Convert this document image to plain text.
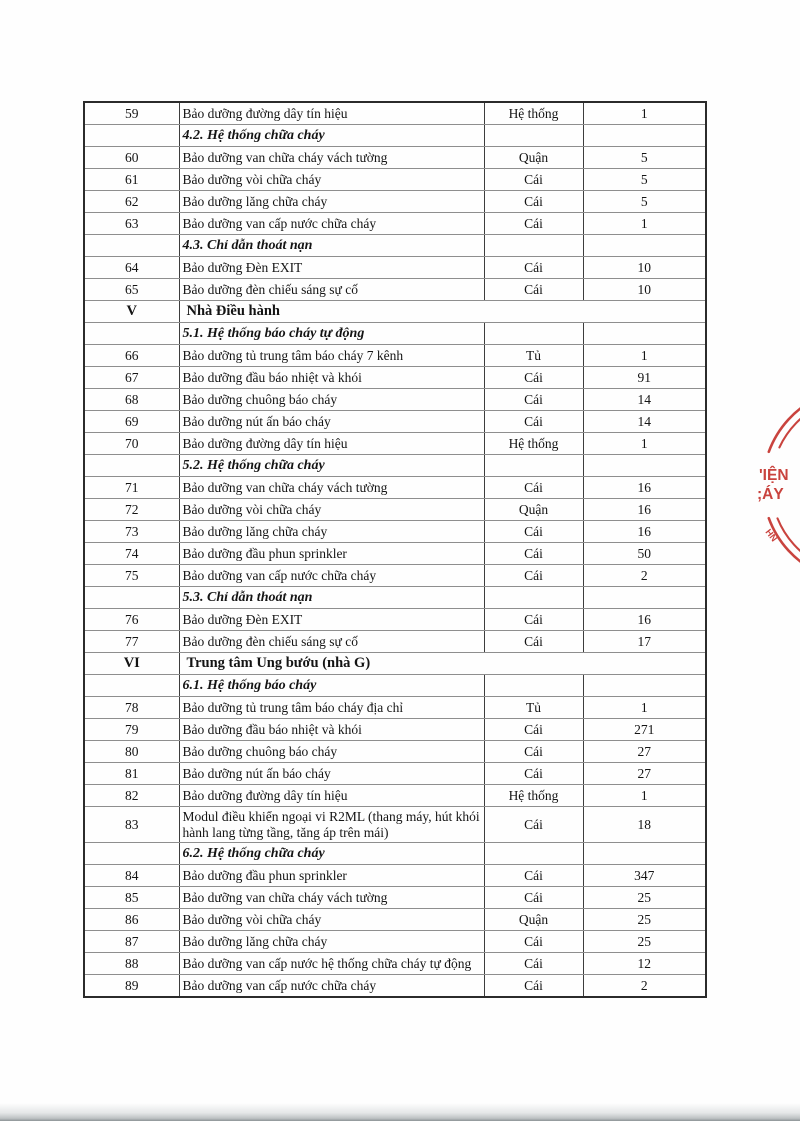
59	Bảo dưỡng đường dây tín hiệu	Hệ thống	1
	4.2. Hệ thống chữa cháy		
60	Bảo dưỡng van chữa cháy vách tường	Quận	5
61	Bảo dưỡng vòi chữa cháy	Cái	5
62	Bảo dưỡng lăng chữa cháy	Cái	5
63	Bảo dưỡng van cấp nước chữa cháy	Cái	1
	4.3. Chỉ dẫn thoát nạn		
64	Bảo dưỡng Đèn EXIT	Cái	10
65	Bảo dưỡng đèn chiếu sáng sự cố	Cái	10
V	Nhà Điều hành		
	5.1. Hệ thống báo cháy tự động		
66	Bảo dưỡng tủ trung tâm báo cháy 7 kênh	Tủ	1
67	Bảo dưỡng đầu báo nhiệt và khói	Cái	91
68	Bảo dưỡng chuông báo cháy	Cái	14
69	Bảo dưỡng nút ấn báo cháy	Cái	14
70	Bảo dưỡng đường dây tín hiệu	Hệ thống	1
	5.2. Hệ thống chữa cháy		
71	Bảo dưỡng van chữa cháy vách tường	Cái	16
72	Bảo dưỡng vòi chữa cháy	Quận	16
73	Bảo dưỡng lăng chữa cháy	Cái	16
74	Bảo dưỡng đầu phun sprinkler	Cái	50
75	Bảo dưỡng van cấp nước chữa cháy	Cái	2
	5.3. Chỉ dẫn thoát nạn		
76	Bảo dưỡng Đèn EXIT	Cái	16
77	Bảo dưỡng đèn chiếu sáng sự cố	Cái	17
VI	Trung tâm Ung bướu (nhà G)		
	6.1. Hệ thống báo cháy		
78	Bảo dưỡng tủ trung tâm báo cháy địa chỉ	Tủ	1
79	Bảo dưỡng đầu báo nhiệt và khói	Cái	271
80	Bảo dưỡng chuông báo cháy	Cái	27
81	Bảo dưỡng nút ấn báo cháy	Cái	27
82	Bảo dưỡng đường dây tín hiệu	Hệ thống	1
83	Modul điều khiển ngoại vi R2ML (thang máy, hút khói hành lang từng tầng, tăng áp trên mái)	Cái	18
	6.2. Hệ thống chữa cháy		
84	Bảo dưỡng đầu phun sprinkler	Cái	347
85	Bảo dưỡng van chữa cháy vách tường	Cái	25
86	Bảo dưỡng vòi chữa cháy	Quận	25
87	Bảo dưỡng lăng chữa cháy	Cái	25
88	Bảo dưỡng van cấp nước hệ thống chữa cháy tự động	Cái	12
89	Bảo dưỡng van cấp nước chữa cháy	Cái	2
'IỆN
;ÁY
HN
